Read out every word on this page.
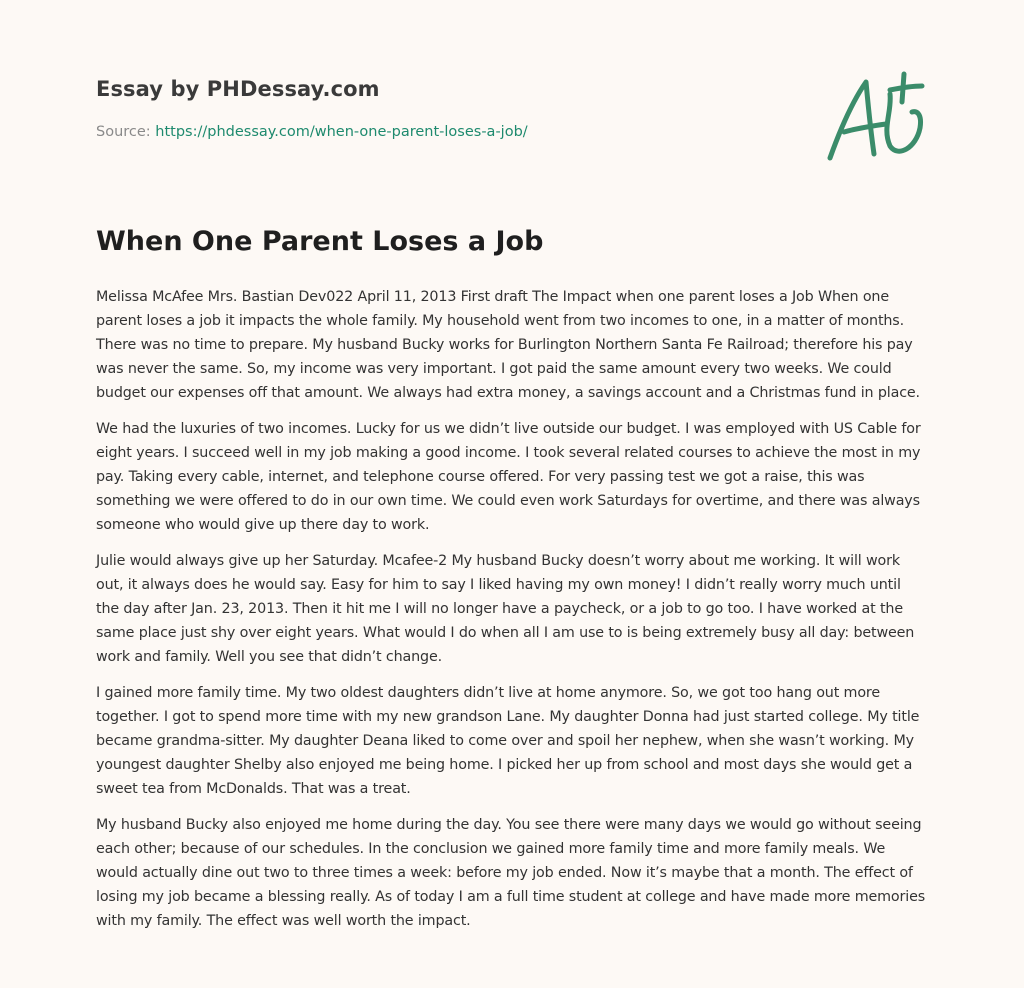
Essay by PHDessay.com
Source: https://phdessay.com/when-one-parent-loses-a-job/
When One Parent Loses a Job

Melissa McAfee Mrs. Bastian Dev022 April 11, 2013 First draft The Impact when one parent loses a Job When one parent loses a job it impacts the whole family. My household went from two incomes to one, in a matter of months. There was no time to prepare. My husband Bucky works for Burlington Northern Santa Fe Railroad; therefore his pay was never the same. So, my income was very important. I got paid the same amount every two weeks. We could budget our expenses off that amount. We always had extra money, a savings account and a Christmas fund in place.

We had the luxuries of two incomes. Lucky for us we didn’t live outside our budget. I was employed with US Cable for eight years. I succeed well in my job making a good income. I took several related courses to achieve the most in my pay. Taking every cable, internet, and telephone course offered. For very passing test we got a raise, this was something we were offered to do in our own time. We could even work Saturdays for overtime, and there was always someone who would give up there day to work.

Julie would always give up her Saturday. Mcafee-2 My husband Bucky doesn’t worry about me working. It will work out, it always does he would say. Easy for him to say I liked having my own money! I didn’t really worry much until the day after Jan. 23, 2013. Then it hit me I will no longer have a paycheck, or a job to go too. I have worked at the same place just shy over eight years. What would I do when all I am use to is being extremely busy all day: between work and family. Well you see that didn’t change.

I gained more family time. My two oldest daughters didn’t live at home anymore. So, we got too hang out more together. I got to spend more time with my new grandson Lane. My daughter Donna had just started college. My title became grandma-sitter. My daughter Deana liked to come over and spoil her nephew, when she wasn’t working. My youngest daughter Shelby also enjoyed me being home. I picked her up from school and most days she would get a sweet tea from McDonalds. That was a treat.

My husband Bucky also enjoyed me home during the day. You see there were many days we would go without seeing each other; because of our schedules. In the conclusion we gained more family time and more family meals. We would actually dine out two to three times a week: before my job ended. Now it’s maybe that a month. The effect of losing my job became a blessing really. As of today I am a full time student at college and have made more memories with my family. The effect was well worth the impact.
